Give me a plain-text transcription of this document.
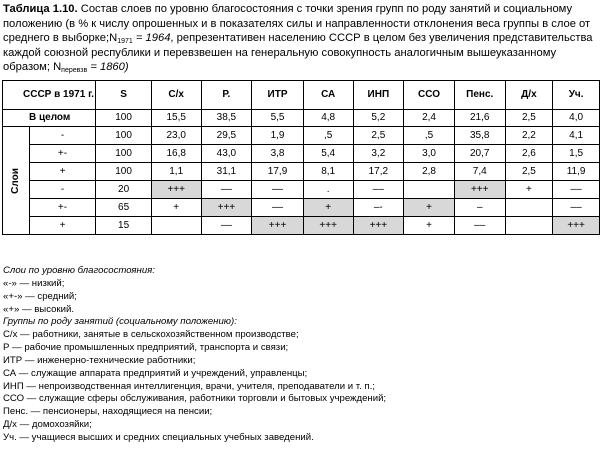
Таблица 1.10. Состав слоев по уровню благосостояния с точки зрения групп по роду занятий и социальному положению (в % к числу опрошенных и в показателях силы и направленности отклонения веса группы в слое от среднего в $выборке;N_{1971} = 1964$, репрезентативен населению СССР в целом без увеличения представительства каждой союзной республики и перевзвешен на генеральную совокупность аналогичным вышеуказанному образом; $N_{перевзв} = 1860$)
СССР в 1971 г.		S	С/х	Р.	ИТР	СА	ИНП	ССО	Пенс.	Д/х	Уч.
В целом		100	15,5	38,5	5,5	4,8	5,2	2,4	21,6	2,5	4,0
Слои	-	100	23,0	29,5	1,9	,5	2,5	,5	35,8	2,2	4,1
	+-	100	16,8	43,0	3,8	5,4	3,2	3,0	20,7	2,6	1,5
	+	100	1,1	31,1	17,9	8,1	17,2	2,8	7,4	2,5	11,9
	-	20	+++	––	––	.	––		+++	+	––
	+-	65	+	+++	––	+	–-	+	–		––
	+	15		––	+++	+++	+++	+	––		+++
Слои по уровню благосостояния:
«-» — низкий;
«+-» — средний;
«+» — высокий.
Группы по роду занятий (социальному положению):
С/х — работники, занятые в сельскохозяйственном производстве;
Р — рабочие промышленных предприятий, транспорта и связи;
ИТР — инженерно-технические работники;
СА — служащие аппарата предприятий и учреждений, управленцы;
ИНП — непроизводственная интеллигенция, врачи, учителя, преподаватели и т. п.;
ССО — служащие сферы обслуживания, работники торговли и бытовых учреждений;
Пенс. — пенсионеры, находящиеся на пенсии;
Д/х — домохозяйки;
Уч. — учащиеся высших и средних специальных учебных заведений.
